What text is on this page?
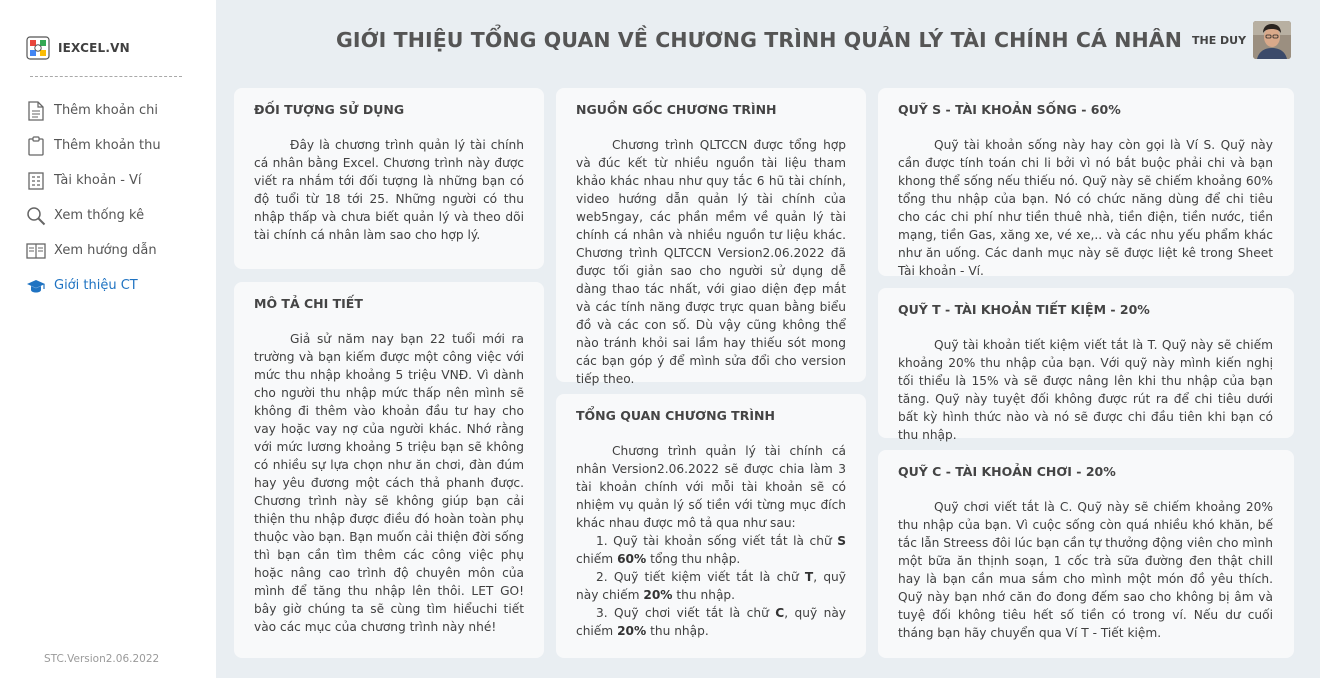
IEXCEL.VN
Thêm khoản chi
Thêm khoản thu
Tài khoản - Ví
Xem thống kê
Xem hướng dẫn
Giới thiệu CT
STC.Version2.06.2022
GIỚI THIỆU TỔNG QUAN VỀ CHƯƠNG TRÌNH QUẢN LÝ TÀI CHÍNH CÁ NHÂN THE DUY
ĐỐI TƯỢNG SỬ DỤNG

Đây là chương trình quản lý tài chính cá nhân bằng Excel. Chương trình này được viết ra nhắm tới đối tượng là những bạn có độ tuổi từ 18 tới 25. Những người có thu nhập thấp và chưa biết quản lý và theo dõi tài chính cá nhân làm sao cho hợp lý.

MÔ TẢ CHI TIẾT

Giả sử năm nay bạn 22 tuổi mới ra trường và bạn kiếm được một công việc với mức thu nhập khoảng 5 triệu VNĐ. Vì dành cho người thu nhập mức thấp nên mình sẽ không đi thêm vào khoản đầu tư hay cho vay hoặc vay nợ của người khác. Nhớ rằng với mức lương khoảng 5 triệu bạn sẽ không có nhiều sự lựa chọn như ăn chơi, đàn đúm hay yêu đương một cách thả phanh được. Chương trình này sẽ không giúp bạn cải thiện thu nhập được điều đó hoàn toàn phụ thuộc vào bạn. Bạn muốn cải thiện đời sống thì bạn cần tìm thêm các công việc phụ hoặc nâng cao trình độ chuyên môn của mình để tăng thu nhập lên thôi. LET GO! bây giờ chúng ta sẽ cùng tìm hiểuchi tiết vào các mục của chương trình này nhé!

NGUỒN GỐC CHƯƠNG TRÌNH

Chương trình QLTCCN được tổng hợp và đúc kết từ nhiều nguồn tài liệu tham khảo khác nhau như quy tắc 6 hũ tài chính, video hướng dẫn quản lý tài chính của web5ngay, các phần mềm về quản lý tài chính cá nhân và nhiều nguồn tư liệu khác. Chương trình QLTCCN Version2.06.2022 đã được tối giản sao cho người sử dụng dễ dàng thao tác nhất, với giao diện đẹp mắt và các tính năng được trực quan bằng biểu đồ và các con số. Dù vậy cũng không thể nào tránh khỏi sai lầm hay thiếu sót mong các bạn góp ý để mình sửa đổi cho version tiếp theo.

TỔNG QUAN CHƯƠNG TRÌNH

Chương trình quản lý tài chính cá nhân Version2.06.2022 sẽ được chia làm 3 tài khoản chính với mỗi tài khoản sẽ có nhiệm vụ quản lý số tiền với từng mục đích khác nhau được mô tả qua như sau:

1. Quỹ tài khoản sống viết tắt là chữ S chiếm 60% tổng thu nhập.
2. Quỹ tiết kiệm viết tắt là chữ T, quỹ này chiếm 20% thu nhập.
3. Quỹ chơi viết tắt là chữ C, quỹ này chiếm 20% thu nhập.
QUỸ S - TÀI KHOẢN SỐNG - 60%

Quỹ tài khoản sống này hay còn gọi là Ví S. Quỹ này cần được tính toán chi li bởi vì nó bắt buộc phải chi và bạn khong thể sống nếu thiếu nó. Quỹ này sẽ chiếm khoảng 60% tổng thu nhập của bạn. Nó có chức năng dùng để chi tiêu cho các chi phí như tiền thuê nhà, tiền điện, tiền nước, tiền mạng, tiền Gas, xăng xe, vé xe,.. và các nhu yếu phẩm khác như ăn uống. Các danh mục này sẽ được liệt kê trong Sheet Tài khoản - Ví.

QUỸ T - TÀI KHOẢN TIẾT KIỆM - 20%

Quỹ tài khoản tiết kiệm viết tắt là T. Quỹ này sẽ chiếm khoảng 20% thu nhập của bạn. Với quỹ này mình kiến nghị tối thiểu là 15% và sẽ được nâng lên khi thu nhập của bạn tăng. Quỹ này tuyệt đối không được rút ra để chi tiêu dưới bất kỳ hình thức nào và nó sẽ được chi đầu tiên khi bạn có thu nhập.

QUỸ C - TÀI KHOẢN CHƠI - 20%

Quỹ chơi viết tắt là C. Quỹ này sẽ chiếm khoảng 20% thu nhập của bạn. Vì cuộc sống còn quá nhiều khó khăn, bế tắc lẫn Streess đôi lúc bạn cần tự thưởng động viên cho mình một bữa ăn thịnh soạn, 1 cốc trà sữa đường đen thật chill hay là bạn cần mua sắm cho mình một món đồ yêu thích. Quỹ này bạn nhớ căn đo đong đếm sao cho không bị âm và tuyệ đối không tiêu hết số tiền có trong ví. Nếu dư cuối tháng bạn hãy chuyển qua Ví T - Tiết kiệm.
